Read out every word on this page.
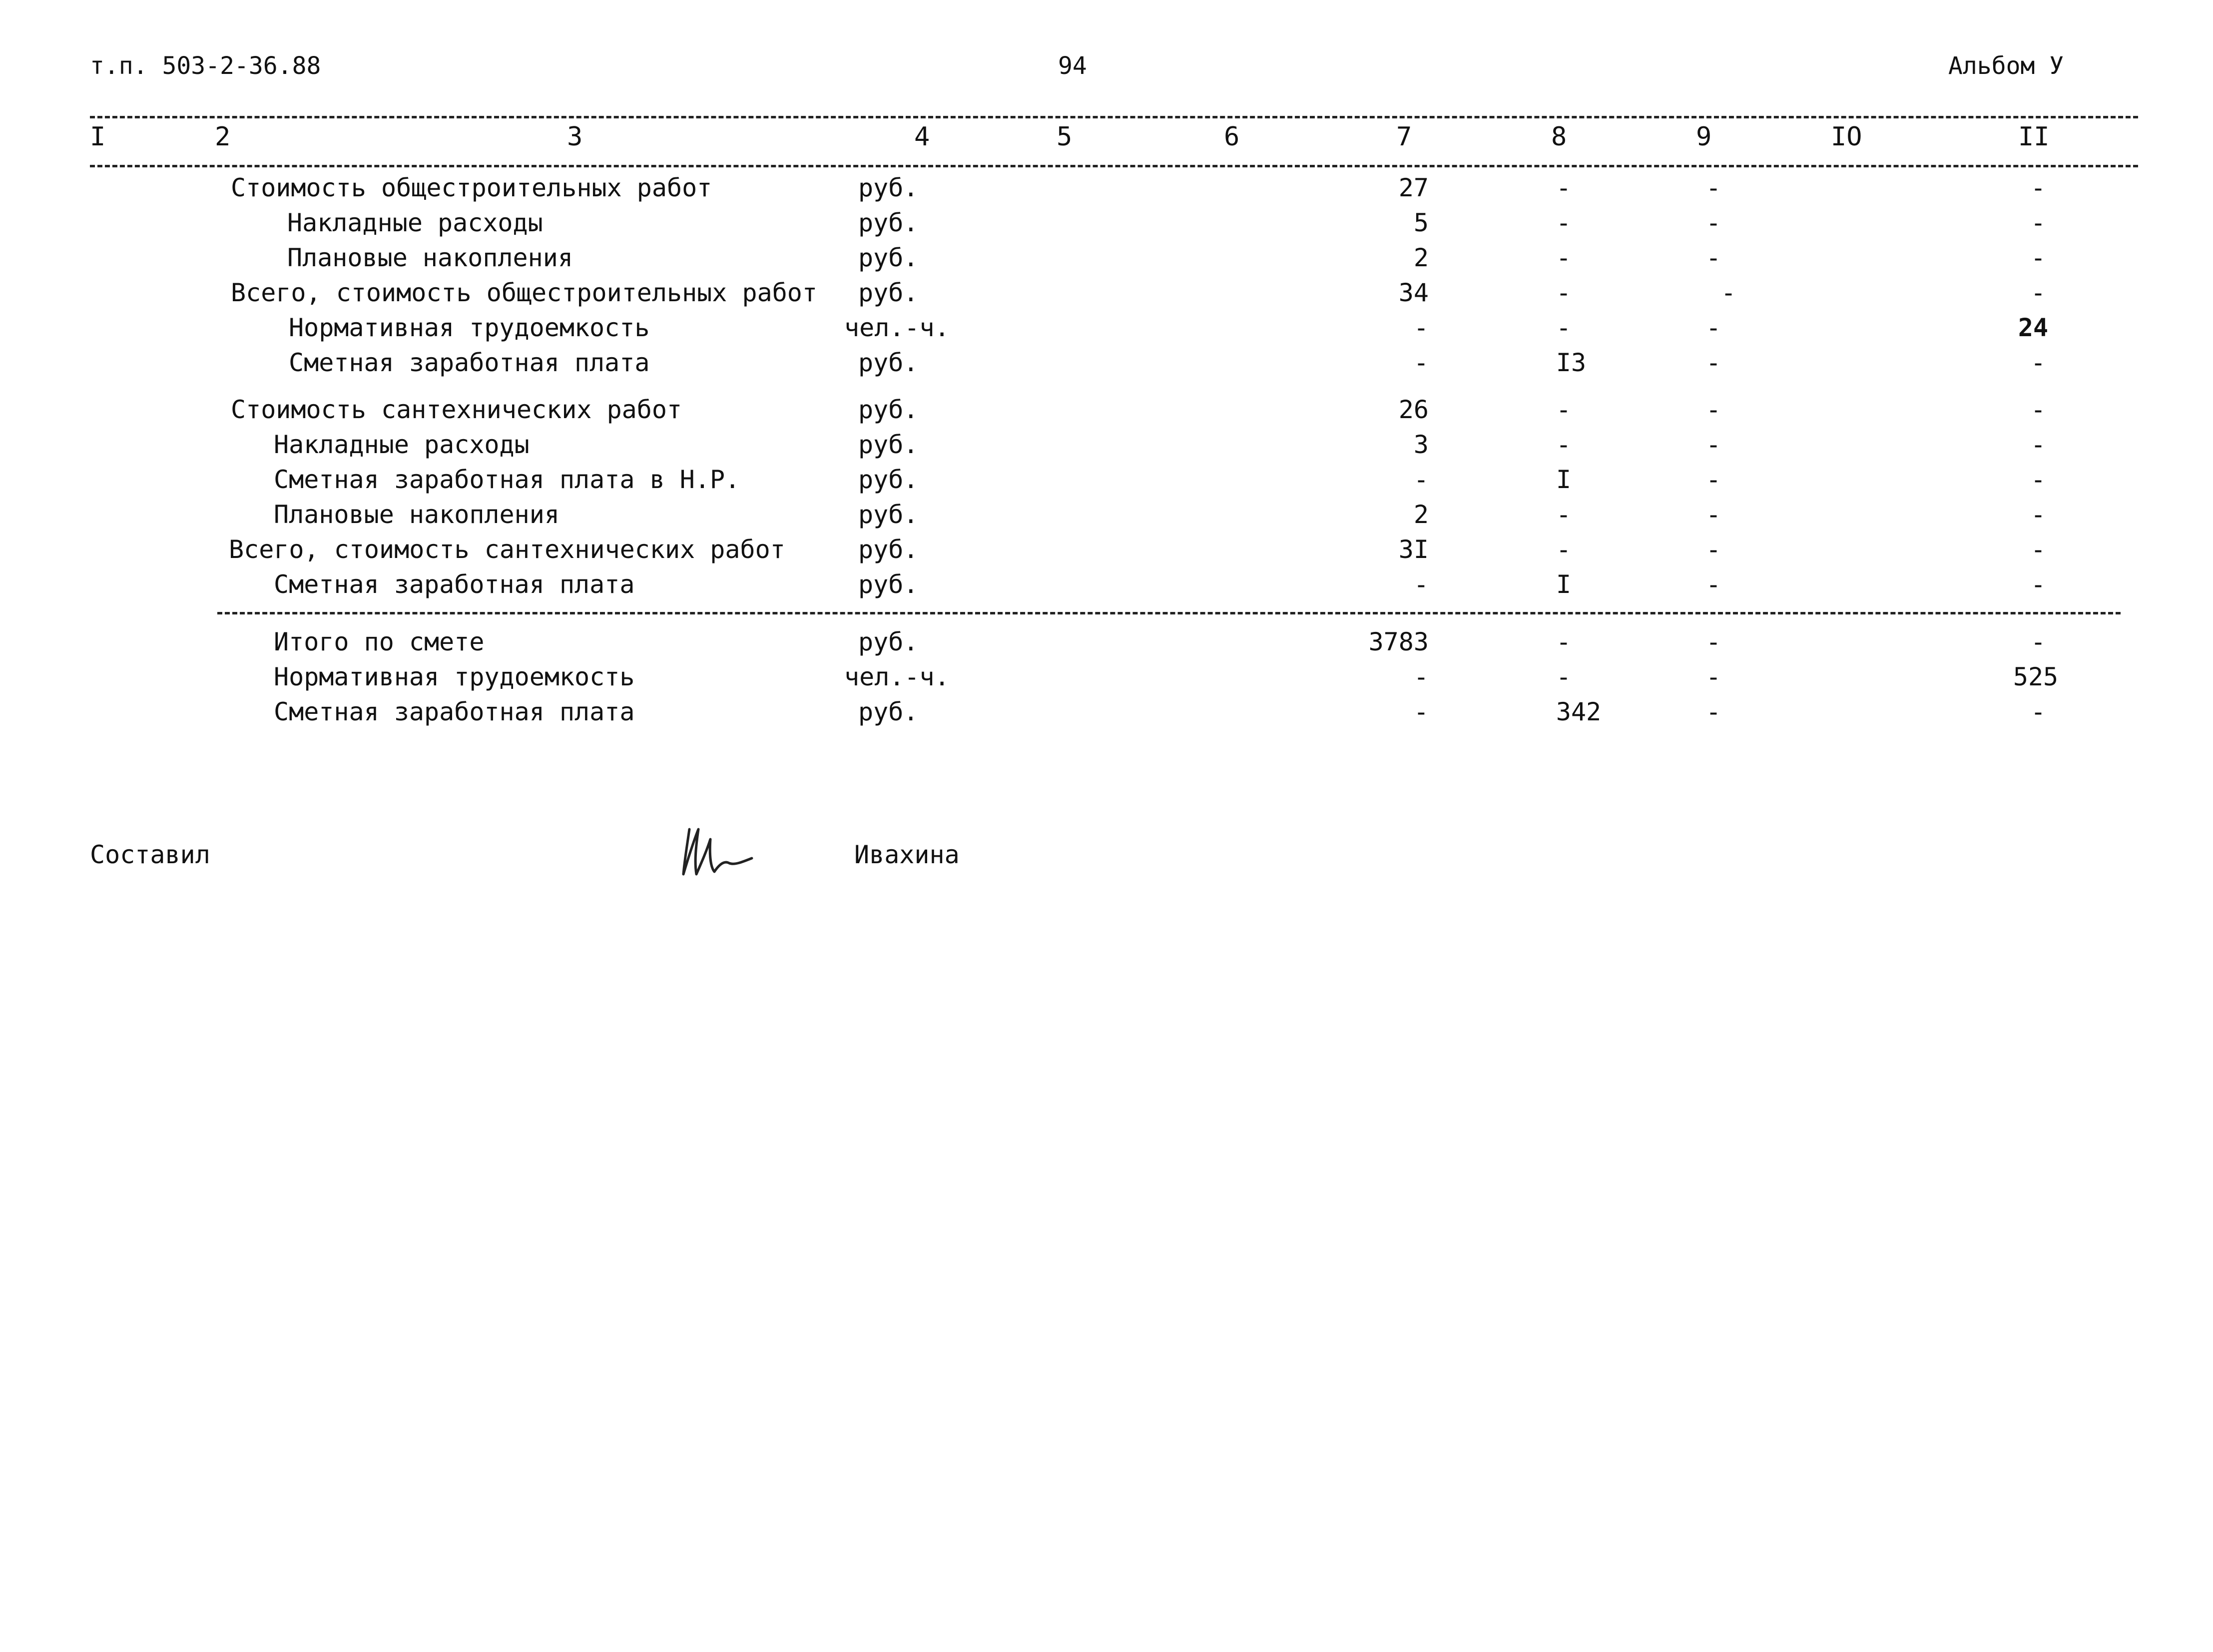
т.п. 503-2-36.88	94	Альбом У
I	2	3	4	5	6	7	8	9	IO	II
Стоимость общестроительных работ	руб.	27	-	-	-
Накладные расходы	руб.	5	-	-	-
Плановые накопления	руб.	2	-	-	-
Всего, стоимость общестроительных работ руб.	34	-	-	-
Нормативная трудоемкость	чел.-ч.	-	-	-	24
Сметная заработная плата	руб.	-	I3	-	-
Стоимость сантехнических работ	руб.	26	-	-	-
Накладные расходы	руб.	3	-	-	-
Сметная заработная плата в Н.Р.	руб.	-	I	-	-
Плановые накопления	руб.	2	-	-	-
Всего, стоимость сантехнических работ	руб.	3I	-	-	-
Сметная заработная плата	руб.	-	I	-	-
Итого по смете	руб.	3783	-	-	-
Нормативная трудоемкость	чел.-ч.	-	-	-	525
Сметная заработная плата	руб.	-	342	-	-
Составил	Ивахина
